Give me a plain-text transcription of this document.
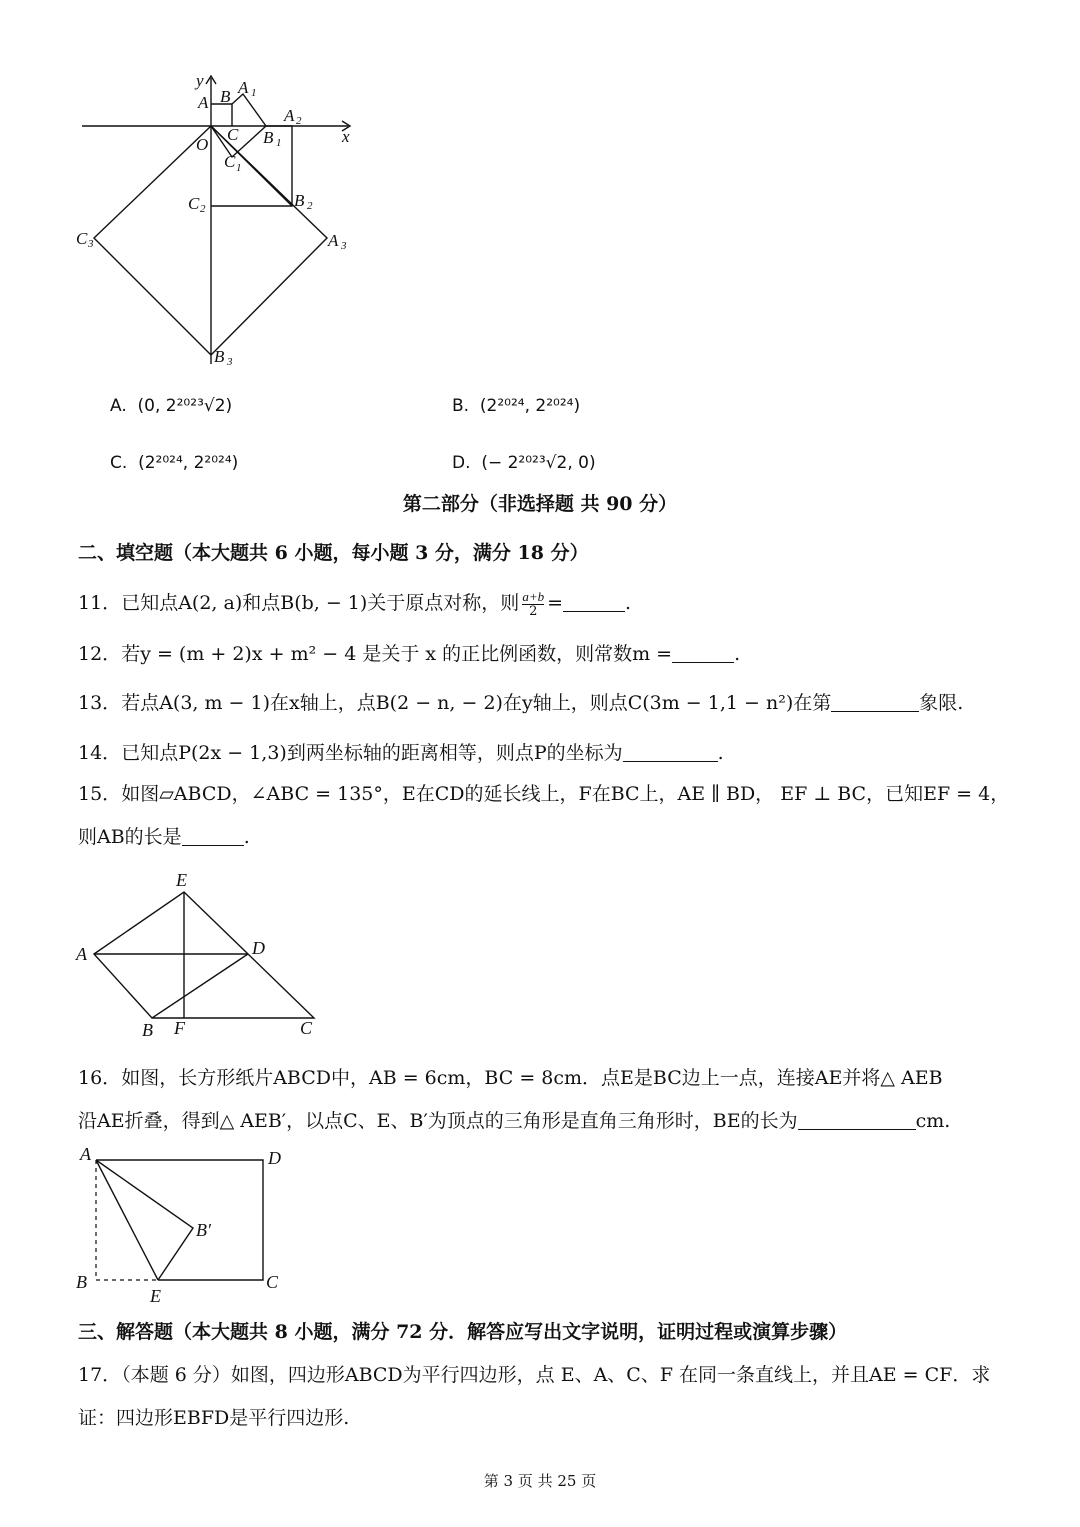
y
x
A B A 1
A 2
C
O	B 1
C 1
C 2	B 2
C 3	A 3
B 3
A. (0, 2²⁰²³√2)	B. (2²⁰²⁴, 2²⁰²⁴)
C. (2²⁰²⁴, 2²⁰²⁴)	D. (− 2²⁰²³√2, 0)
第二部分（非选择题 共 90 分）
二、填空题（本大题共 6 小题，每小题 3 分，满分 18 分）
11．已知点A(2, a)和点B(b, − 1)关于原点对称，则 $\frac{a+b}{2}$ =	.
12．若y = (m + 2)x + m² − 4 是关于 x 的正比例函数，则常数m =	.
13．若点A(3, m − 1)在x轴上，点B(2 − n, − 2)在y轴上，则点C(3m − 1,1 − n²)在第	象限.
14．已知点P(2x − 1,3)到两坐标轴的距离相等，则点P的坐标为	.
15．如图▱ABCD，∠ABC = 135°，E在CD的延长线上，F在BC上，AE ∥ BD， EF ⊥ BC，已知EF = 4，
则AB的长是	.
E
A	D
B F	C
16．如图，长方形纸片ABCD中，AB = 6cm，BC = 8cm．点E是BC边上一点，连接AE并将△ AEB
沿AE折叠，得到△ AEB′，以点C、E、B′为顶点的三角形是直角三角形时，BE的长为	cm.
A	D
B′
B	C
E
三、解答题（本大题共 8 小题，满分 72 分．解答应写出文字说明，证明过程或演算步骤）
17．（本题 6 分）如图，四边形ABCD为平行四边形，点 E、A、C、F 在同一条直线上，并且AE = CF．求
证：四边形EBFD是平行四边形.
第 3 页 共 25 页
